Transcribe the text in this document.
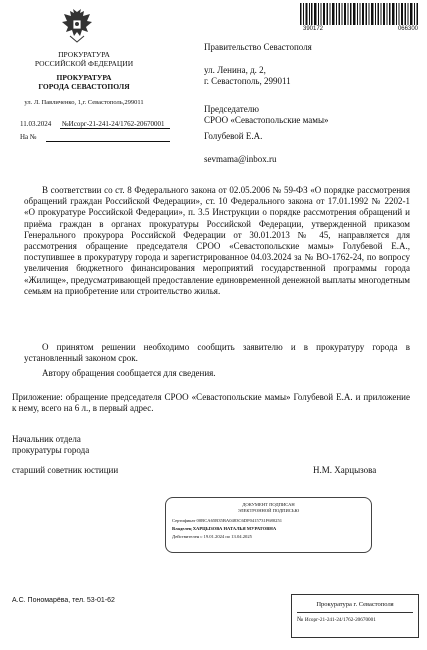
390172	066300
ПРОКУРАТУРА
РОССИЙСКОЙ ФЕДЕРАЦИИ
ПРОКУРАТУРА
ГОРОДА СЕВАСТОПОЛЯ
ул. Л. Павличенко, 1,г. Севастополь,299011
11.03.2024 №Исорг-21-241-24/1762-20670001
На №
Правительство Севастополя
ул. Ленина, д. 2,
г. Севастополь, 299011
Председателю
СРОО «Севастопольские мамы»
Голубевой Е.А.
sevmama@inbox.ru
В соответствии со ст. 8 Федерального закона от 02.05.2006 № 59-ФЗ «О порядке рассмотрения обращений граждан Российской Федерации», ст. 10 Федерального закона от 17.01.1992 № 2202-1 «О прокуратуре Российской Федерации», п. 3.5 Инструкции о порядке рассмотрения обращений и приёма граждан в органах прокуратуры Российской Федерации, утвержденной приказом Генерального прокурора Российской Федерации от 30.01.2013 № 45, направляется для рассмотрения обращение председателя СРОО «Севастопольские мамы» Голубевой Е.А., поступившее в прокуратуру города и зарегистрированное 04.03.2024 за № ВО-1762-24, по вопросу увеличения бюджетного финансирования мероприятий государственной программы города «Жилище», предусматривающей предоставление единовременной денежной выплаты многодетным семьям на приобретение или строительство жилья.
О принятом решении необходимо сообщить заявителю и в прокуратуру города в установленный законом срок.
Автору обращения сообщается для сведения.
Приложение: обращение председателя СРОО «Севастопольские мамы» Голубевой Е.А. и приложение к нему, всего на 6 л., в первый адрес.
Начальник отдела
прокуратуры города
старший советник юстиции	Н.М. Харцызова
ДОКУМЕНТ ПОДПИСАН
ЭЛЕКТРОННОЙ ПОДПИСЬЮ
Сертификат 00BCA65B35BA0483C6DF0415731F680251
Владелец ХАРЦЫЗОВА НАТАЛЬЯ МУРАТОВНА
Действителен с 19.01.2024 по 13.04.2025
А.С. Пономарёва, тел. 53-01-62
Прокуратура г. Севастополя
№ Исорг-21-241-24/1762-20670001
